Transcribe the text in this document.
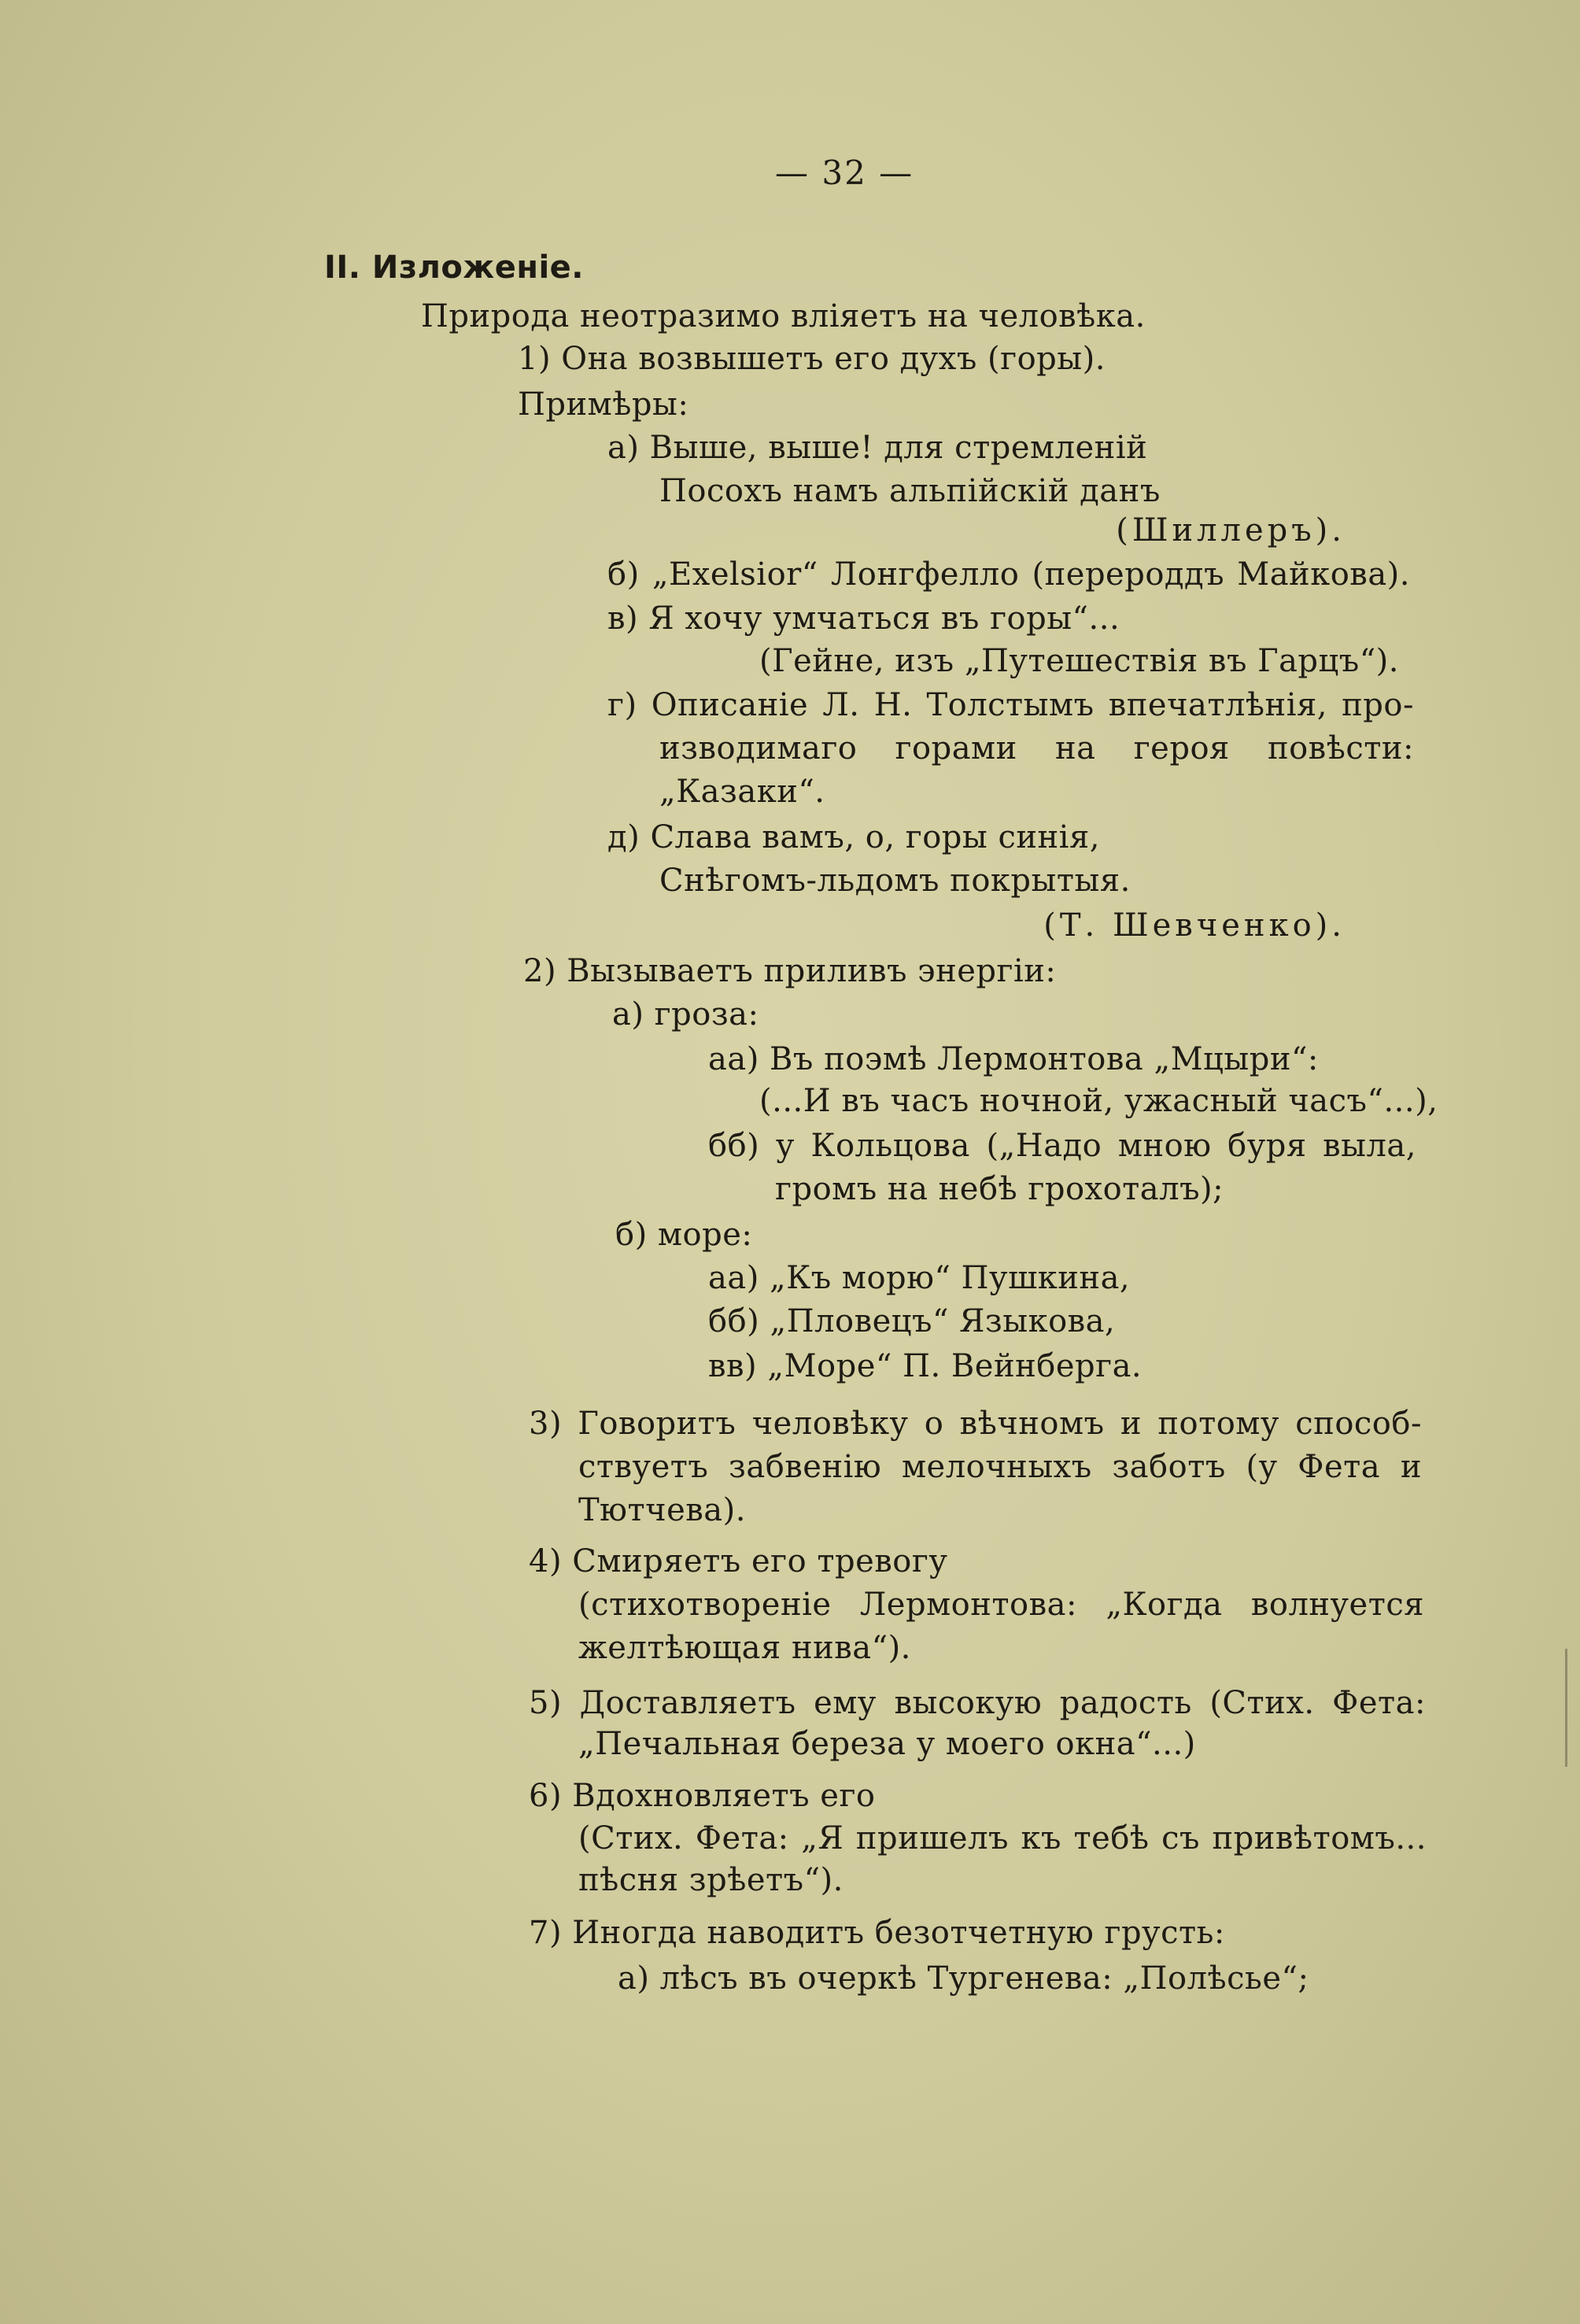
— 32 —
II. Изложеніе.
Природа неотразимо вліяетъ на человѣка.
1) Она возвышетъ его духъ (горы).
Примѣры:
а) Выше, выше! для стремленій
Посохъ намъ альпійскій данъ
(Шиллеръ).
б) „Exelsior“ Лонгфелло (перероддъ Майкова).
в) Я хочу умчаться въ горы“...
(Гейне, изъ „Путешествія въ Гарцъ“).
г) Описаніе Л. Н. Толстымъ впечатлѣнія, про-
изводимаго горами на героя повѣсти:
„Казаки“.
д) Слава вамъ, о, горы синія,
Снѣгомъ-льдомъ покрытыя.
(Т. Шевченко).
2) Вызываетъ приливъ энергіи:
а) гроза:
аа) Въ поэмѣ Лермонтова „Мцыри“:
(...И въ часъ ночной, ужасный часъ“...),
бб) у Кольцова („Надо мною буря выла,
громъ на небѣ грохоталъ);
б) море:
аа) „Къ морю“ Пушкина,
бб) „Пловецъ“ Языкова,
вв) „Море“ П. Вейнберга.
3) Говоритъ человѣку о вѣчномъ и потому способ-
ствуетъ забвенію мелочныхъ заботъ (у Фета и
Тютчева).
4) Смиряетъ его тревогу
(стихотвореніе Лермонтова: „Когда волнуется
желтѣющая нива“).
5) Доставляетъ ему высокую радость (Стих. Фета:
„Печальная береза у моего окна“...)
6) Вдохновляетъ его
(Стих. Фета: „Я пришелъ къ тебѣ съ привѣтомъ...
пѣсня зрѣетъ“).
7) Иногда наводитъ безотчетную грусть:
а) лѣсъ въ очеркѣ Тургенева: „Полѣсье“;
